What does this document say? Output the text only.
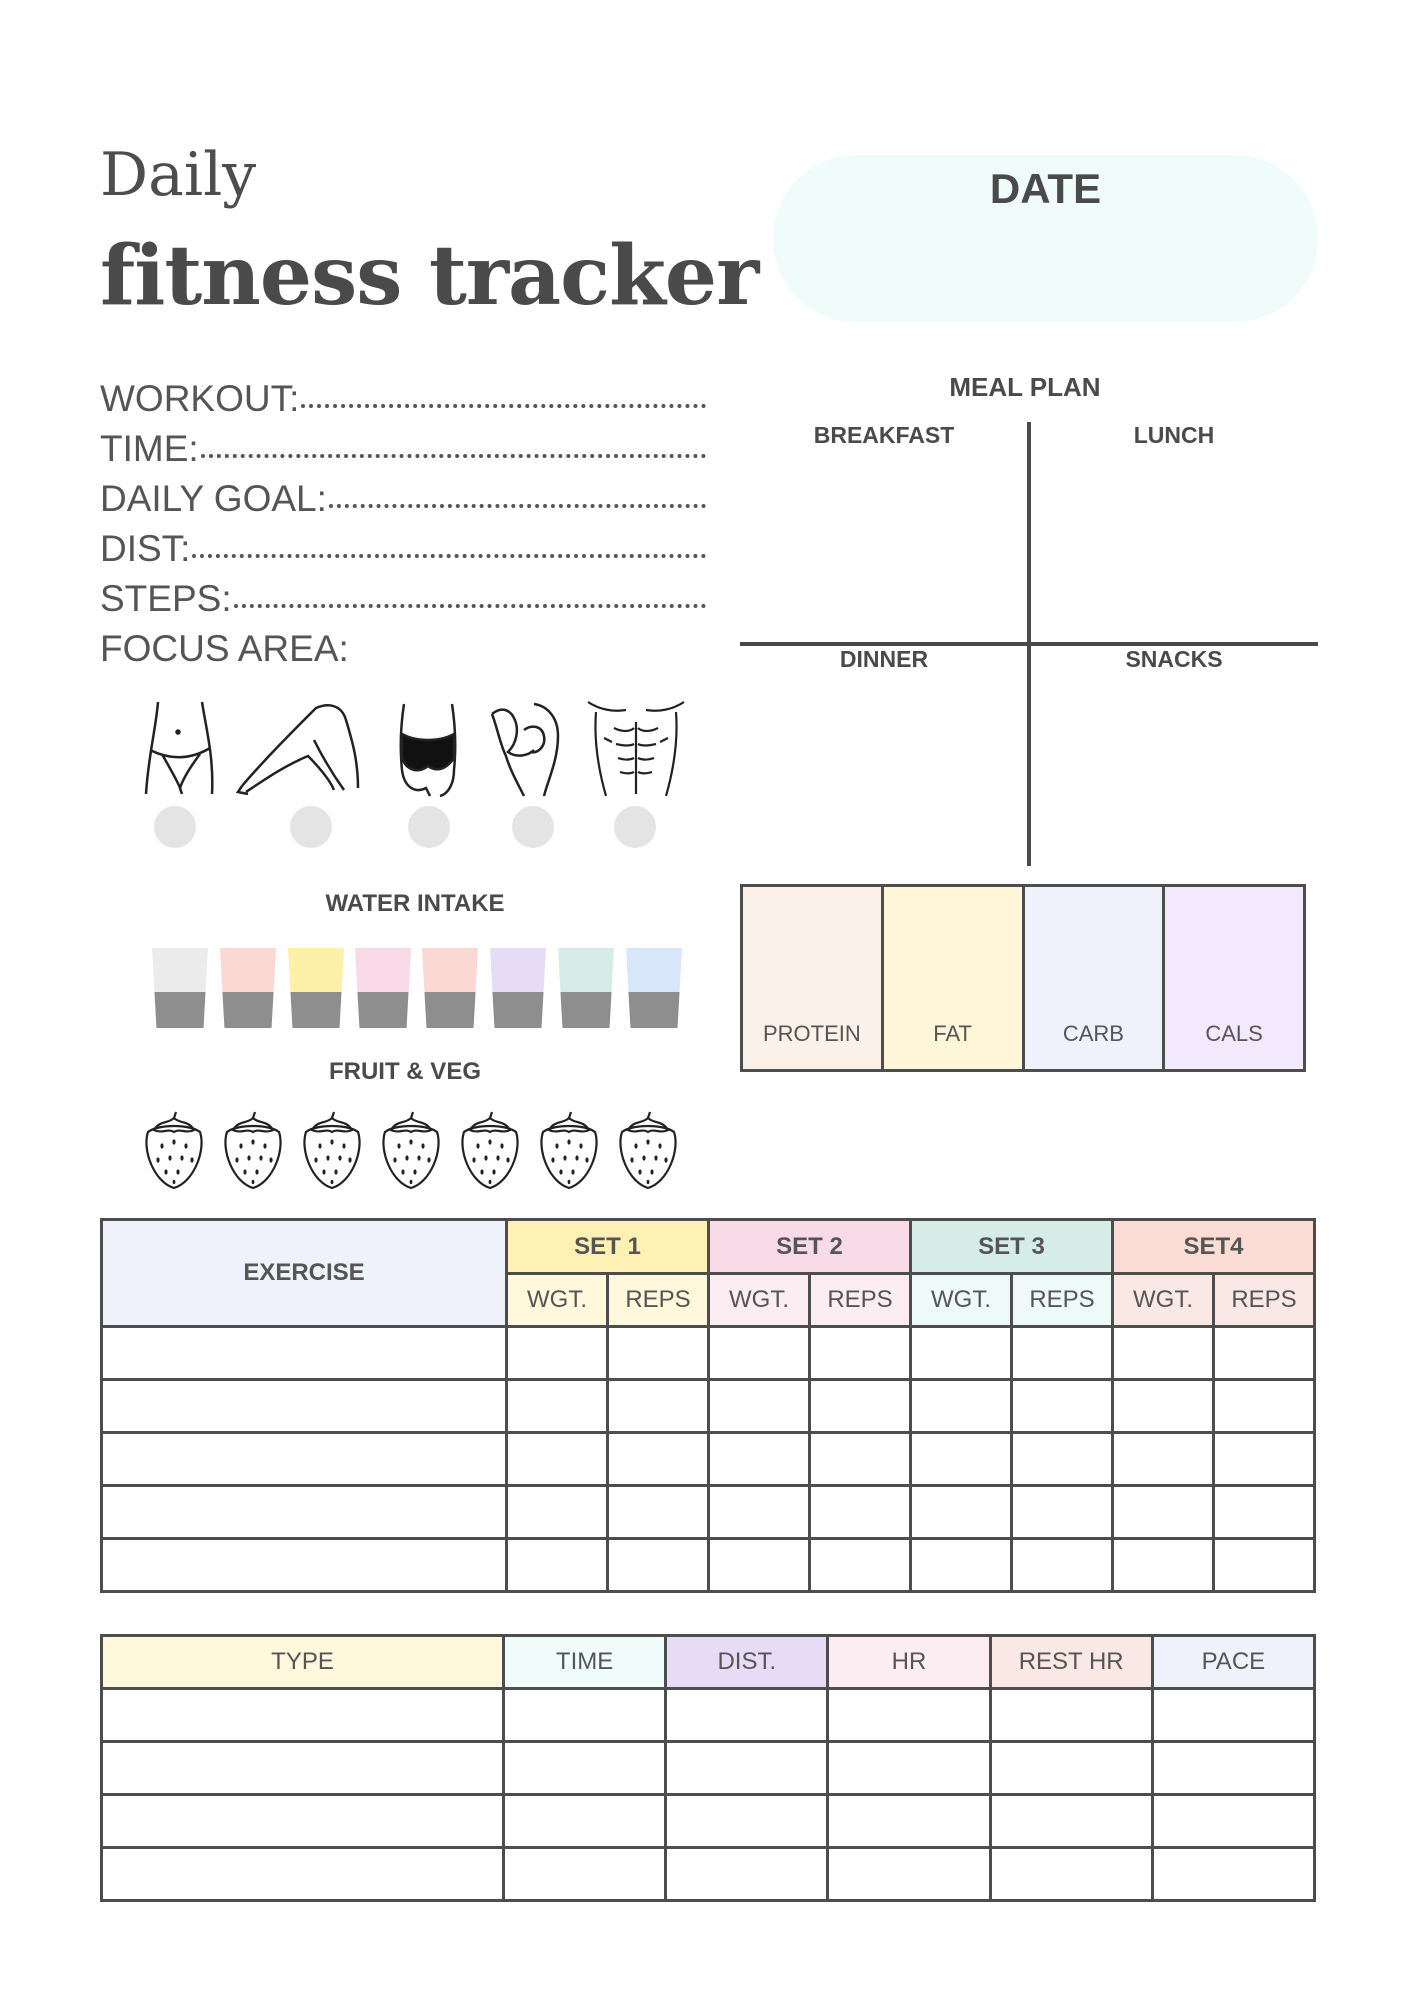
Daily
fitness tracker
DATE
WORKOUT:
TIME:
DAILY GOAL:
DIST:
STEPS:
FOCUS AREA:
MEAL PLAN
BREAKFAST	LUNCH
DINNER	SNACKS
PROTEIN	FAT	CARB	CALS
WATER INTAKE
FRUIT & VEG
EXERCISE	SET 1		SET 2		SET 3		SET4	
	WGT.	REPS	WGT.	REPS	WGT.	REPS	WGT.	REPS

TYPE	TIME	DIST.	HR	REST HR	PACE
